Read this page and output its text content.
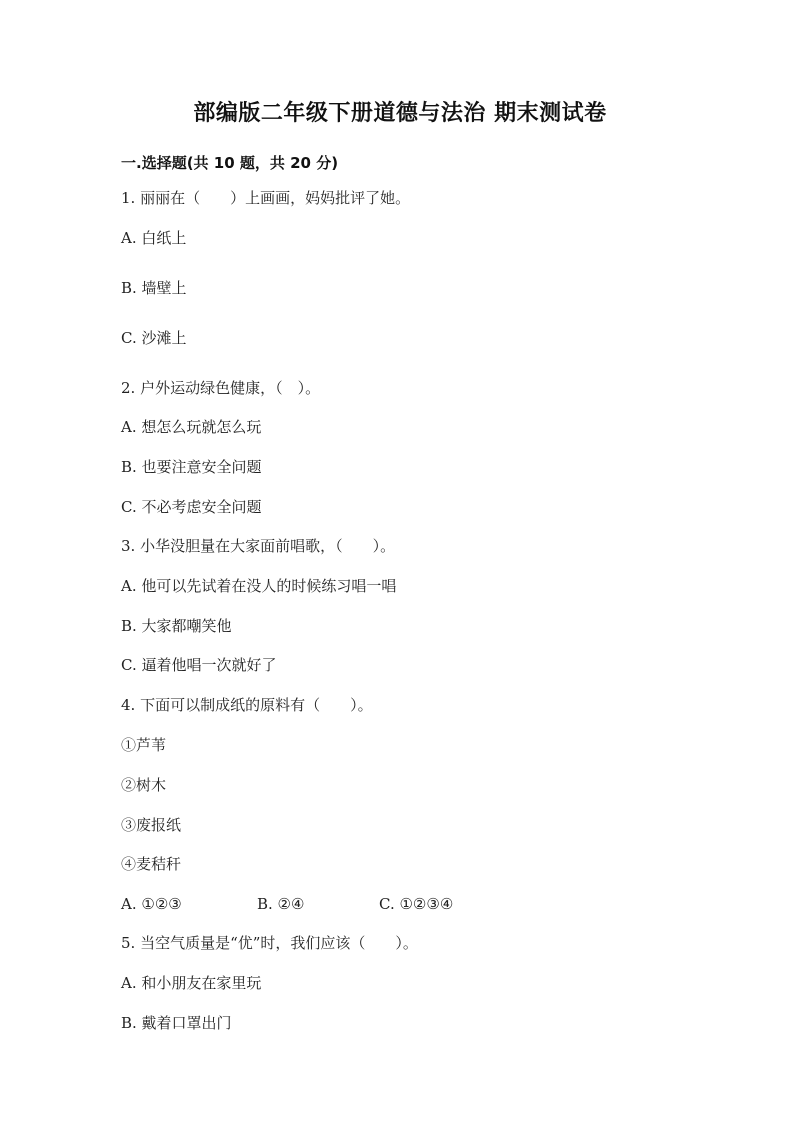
部编版二年级下册道德与法治 期末测试卷
一.选择题(共 10 题，共 20 分)
1. 丽丽在（　　）上画画，妈妈批评了她。
A. 白纸上
B. 墙壁上
C. 沙滩上
2. 户外运动绿色健康，（　）。
A. 想怎么玩就怎么玩
B. 也要注意安全问题
C. 不必考虑安全问题
3. 小华没胆量在大家面前唱歌，（　　）。
A. 他可以先试着在没人的时候练习唱一唱
B. 大家都嘲笑他
C. 逼着他唱一次就好了
4. 下面可以制成纸的原料有（　　）。
①芦苇
②树木
③废报纸
④麦秸秆

A. ①②③

	B. ②④

	C. ①②③④

5. 当空气质量是“优”时，我们应该（　　）。
A. 和小朋友在家里玩
B. 戴着口罩出门
